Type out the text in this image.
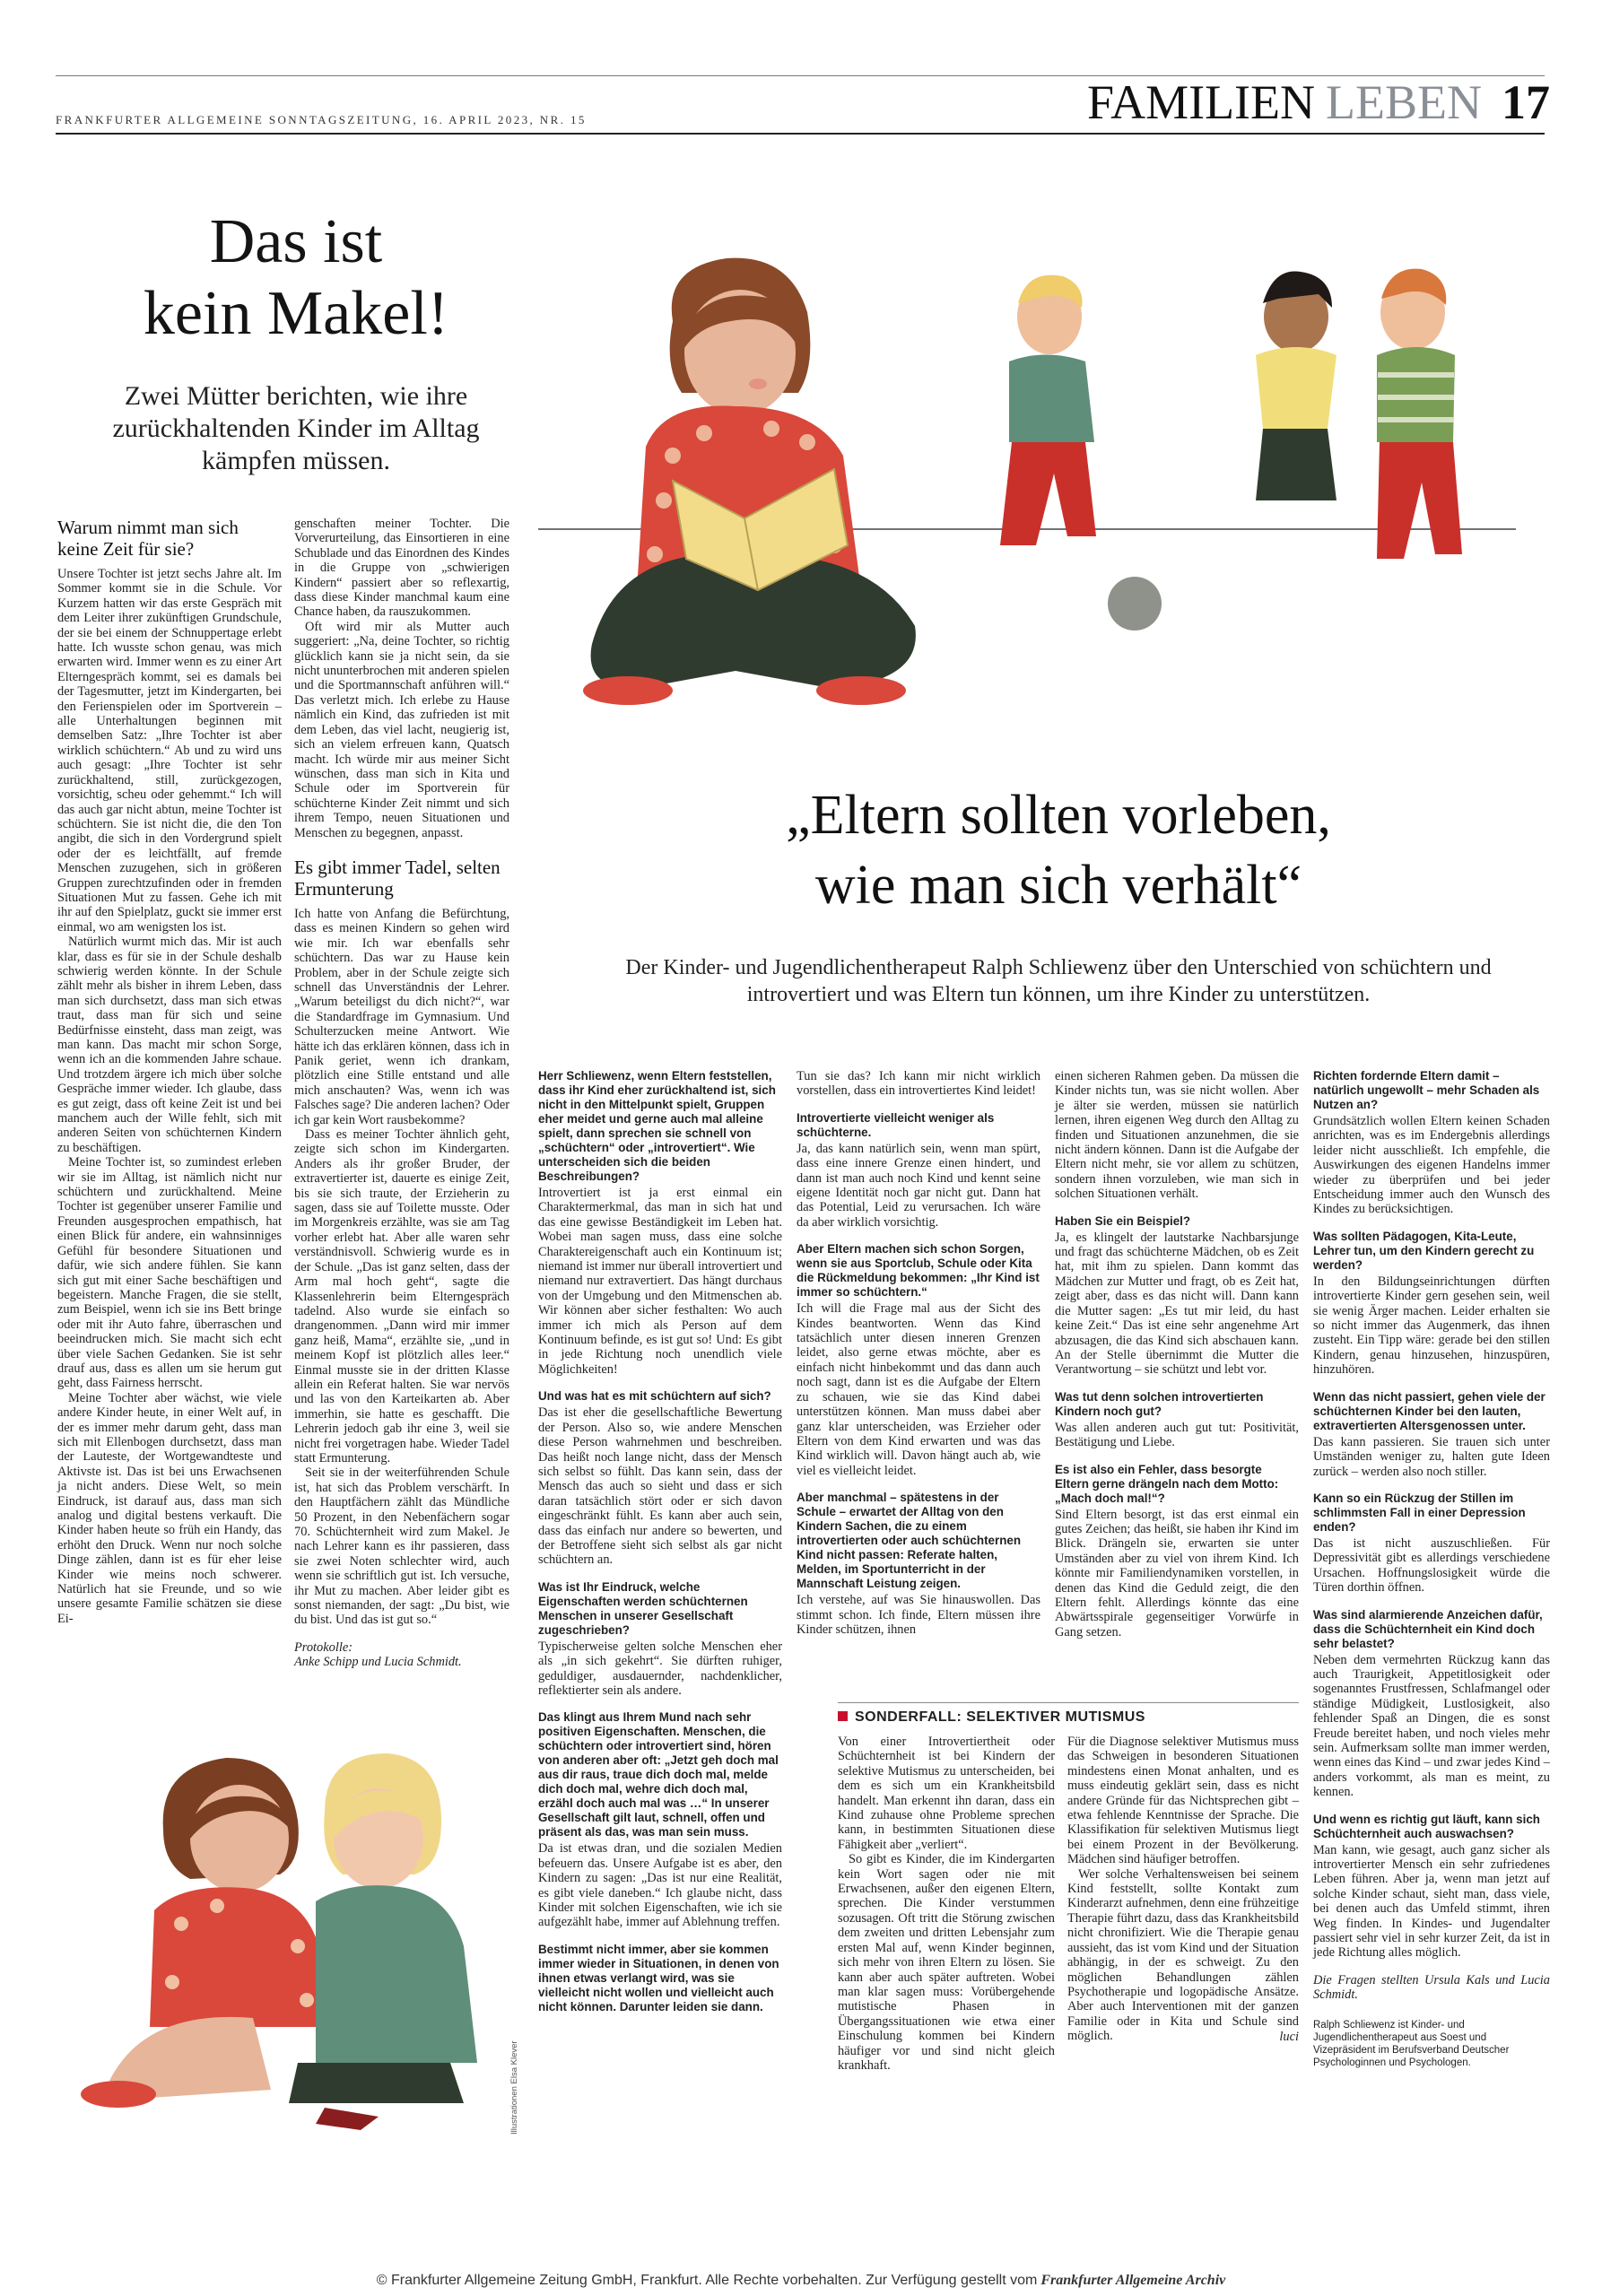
FRANKFURTER ALLGEMEINE SONNTAGSZEITUNG, 16. APRIL 2023, NR. 15	FAMILIEN LEBEN 17
Das ist
kein Makel!
Zwei Mütter berichten, wie ihre zurückhaltenden Kinder im Alltag kämpfen müssen.
Warum nimmt man sich keine Zeit für sie?

Unsere Tochter ist jetzt sechs Jahre alt. Im Sommer kommt sie in die Schule. Vor Kurzem hatten wir das erste Gespräch mit dem Leiter ihrer zukünftigen Grundschule, der sie bei einem der Schnuppertage erlebt hatte. Ich wusste schon genau, was mich erwarten wird. Immer wenn es zu einer Art Elterngespräch kommt, sei es damals bei der Tagesmutter, jetzt im Kindergarten, bei den Ferienspielen oder im Sportverein – alle Unterhaltungen beginnen mit demselben Satz: „Ihre Tochter ist aber wirklich schüchtern.“ Ab und zu wird uns auch gesagt: „Ihre Tochter ist sehr zurückhaltend, still, zurückgezogen, vorsichtig, scheu oder gehemmt.“ Ich will das auch gar nicht abtun, meine Tochter ist schüchtern. Sie ist nicht die, die den Ton angibt, die sich in den Vordergrund spielt oder der es leichtfällt, auf fremde Menschen zuzugehen, sich in größeren Gruppen zurechtzufinden oder in fremden Situationen Mut zu fassen. Gehe ich mit ihr auf den Spielplatz, guckt sie immer erst einmal, wo am wenigsten los ist.

Natürlich wurmt mich das. Mir ist auch klar, dass es für sie in der Schule deshalb schwierig werden könnte. In der Schule zählt mehr als bisher in ihrem Leben, dass man sich durchsetzt, dass man sich etwas traut, dass man für sich und seine Bedürfnisse einsteht, dass man zeigt, was man kann. Das macht mir schon Sorge, wenn ich an die kommenden Jahre schaue. Und trotzdem ärgere ich mich über solche Gespräche immer wieder. Ich glaube, dass es gut zeigt, dass oft keine Zeit ist und bei manchem auch der Wille fehlt, sich mit anderen Seiten von schüchternen Kindern zu beschäftigen.

Meine Tochter ist, so zumindest erleben wir sie im Alltag, ist nämlich nicht nur schüchtern und zurückhaltend. Meine Tochter ist gegenüber unserer Familie und Freunden ausgesprochen empathisch, hat einen Blick für andere, ein wahnsinniges Gefühl für besondere Situationen und dafür, wie sich andere fühlen. Sie kann sich gut mit einer Sache beschäftigen und begeistern. Manche Fragen, die sie stellt, zum Beispiel, wenn ich sie ins Bett bringe oder mit ihr Auto fahre, überraschen und beeindrucken mich. Sie macht sich echt über viele Sachen Gedanken. Sie ist sehr drauf aus, dass es allen um sie herum gut geht, dass Fairness herrscht.

Meine Tochter aber wächst, wie viele andere Kinder heute, in einer Welt auf, in der es immer mehr darum geht, dass man sich mit Ellenbogen durchsetzt, dass man der Lauteste, der Wortgewandteste und Aktivste ist. Das ist bei uns Erwachsenen ja nicht anders. Diese Welt, so mein Eindruck, ist darauf aus, dass man sich analog und digital bestens verkauft. Die Kinder haben heute so früh ein Handy, das erhöht den Druck. Wenn nur noch solche Dinge zählen, dann ist es für eher leise Kinder wie meins noch schwerer. Natürlich hat sie Freunde, und so wie unsere gesamte Familie schätzen sie diese Ei-

genschaften meiner Tochter. Die Vorverurteilung, das Einsortieren in eine Schublade und das Einordnen des Kindes in die Gruppe von „schwierigen Kindern“ passiert aber so reflexartig, dass diese Kinder manchmal kaum eine Chance haben, da rauszukommen.

Oft wird mir als Mutter auch suggeriert: „Na, deine Tochter, so richtig glücklich kann sie ja nicht sein, da sie nicht ununterbrochen mit anderen spielen und die Sportmannschaft anführen will.“ Das verletzt mich. Ich erlebe zu Hause nämlich ein Kind, das zufrieden ist mit dem Leben, das viel lacht, neugierig ist, sich an vielem erfreuen kann, Quatsch macht. Ich würde mir aus meiner Sicht wünschen, dass man sich in Kita und Schule oder im Sportverein für schüchterne Kinder Zeit nimmt und sich ihrem Tempo, neuen Situationen und Menschen zu begegnen, anpasst.

Es gibt immer Tadel, selten Ermunterung

Ich hatte von Anfang die Befürchtung, dass es meinen Kindern so gehen wird wie mir. Ich war ebenfalls sehr schüchtern. Das war zu Hause kein Problem, aber in der Schule zeigte sich schnell das Unverständnis der Lehrer. „Warum beteiligst du dich nicht?“, war die Standardfrage im Gymnasium. Und Schulterzucken meine Antwort. Wie hätte ich das erklären können, dass ich in Panik geriet, wenn ich drankam, plötzlich eine Stille entstand und alle mich anschauten? Was, wenn ich was Falsches sage? Die anderen lachen? Oder ich gar kein Wort rausbekomme?

Dass es meiner Tochter ähnlich geht, zeigte sich schon im Kindergarten. Anders als ihr großer Bruder, der extravertierter ist, dauerte es einige Zeit, bis sie sich traute, der Erzieherin zu sagen, dass sie auf Toilette musste. Oder im Morgenkreis erzählte, was sie am Tag vorher erlebt hat. Aber alle waren sehr verständnisvoll. Schwierig wurde es in der Schule. „Das ist ganz selten, dass der Arm mal hoch geht“, sagte die Klassenlehrerin beim Elterngespräch tadelnd. Also wurde sie einfach so drangenommen. „Dann wird mir immer ganz heiß, Mama“, erzählte sie, „und in meinem Kopf ist plötzlich alles leer.“ Einmal musste sie in der dritten Klasse allein ein Referat halten. Sie war nervös und las von den Karteikarten ab. Aber immerhin, sie hatte es geschafft. Die Lehrerin jedoch gab ihr eine 3, weil sie nicht frei vorgetragen habe. Wieder Tadel statt Ermunterung.

Seit sie in der weiterführenden Schule ist, hat sich das Problem verschärft. In den Hauptfächern zählt das Mündliche 50 Prozent, in den Nebenfächern sogar 70. Schüchternheit wird zum Makel. Je nach Lehrer kann es ihr passieren, dass sie zwei Noten schlechter wird, auch wenn sie schriftlich gut ist. Ich versuche, ihr Mut zu machen. Aber leider gibt es sonst niemanden, der sagt: „Du bist, wie du bist. Und das ist gut so.“

Protokolle:
Anke Schipp und Lucia Schmidt.
„Eltern sollten vorleben,
wie man sich verhält“
Der Kinder- und Jugendlichentherapeut Ralph Schliewenz über den Unterschied von schüchtern und introvertiert und was Eltern tun können, um ihre Kinder zu unterstützen.
Herr Schliewenz, wenn Eltern feststellen, dass ihr Kind eher zurückhaltend ist, sich nicht in den Mittelpunkt spielt, Gruppen eher meidet und gerne auch mal alleine spielt, dann sprechen sie schnell von „schüchtern“ oder „introvertiert“. Wie unterscheiden sich die beiden Beschreibungen?

Introvertiert ist ja erst einmal ein Charaktermerkmal, das man in sich hat und das eine gewisse Beständigkeit im Leben hat. Wobei man sagen muss, dass eine solche Charaktereigenschaft auch ein Kontinuum ist; niemand ist immer nur überall introvertiert und niemand nur extravertiert. Das hängt durchaus von der Umgebung und den Mitmenschen ab. Wir können aber sicher festhalten: Wo auch immer ich mich als Person auf dem Kontinuum befinde, es ist gut so! Und: Es gibt in jede Richtung noch unendlich viele Möglichkeiten!

Und was hat es mit schüchtern auf sich?

Das ist eher die gesellschaftliche Bewertung der Person. Also so, wie andere Menschen diese Person wahrnehmen und beschreiben. Das heißt noch lange nicht, dass der Mensch sich selbst so fühlt. Das kann sein, dass der Mensch das auch so sieht und dass er sich daran tatsächlich stört oder er sich davon eingeschränkt fühlt. Es kann aber auch sein, dass das einfach nur andere so bewerten, und der Betroffene sieht sich selbst als gar nicht schüchtern an.

Was ist Ihr Eindruck, welche Eigenschaften werden schüchternen Menschen in unserer Gesellschaft zugeschrieben?

Typischerweise gelten solche Menschen eher als „in sich gekehrt“. Sie dürften ruhiger, geduldiger, ausdauernder, nachdenklicher, reflektierter sein als andere.

Das klingt aus Ihrem Mund nach sehr positiven Eigenschaften. Menschen, die schüchtern oder introvertiert sind, hören von anderen aber oft: „Jetzt geh doch mal aus dir raus, traue dich doch mal, melde dich doch mal, wehre dich doch mal, erzähl doch auch mal was …“ In unserer Gesellschaft gilt laut, schnell, offen und präsent als das, was man sein muss.

Da ist etwas dran, und die sozialen Medien befeuern das. Unsere Aufgabe ist es aber, den Kindern zu sagen: „Das ist nur eine Realität, es gibt viele daneben.“ Ich glaube nicht, dass Kinder mit solchen Eigenschaften, wie ich sie aufgezählt habe, immer auf Ablehnung treffen.

Bestimmt nicht immer, aber sie kommen immer wieder in Situationen, in denen von ihnen etwas verlangt wird, was sie vielleicht nicht wollen und vielleicht auch nicht können. Darunter leiden sie dann.

Tun sie das? Ich kann mir nicht wirklich vorstellen, dass ein introvertiertes Kind leidet!

Introvertierte vielleicht weniger als schüchterne.

Ja, das kann natürlich sein, wenn man spürt, dass eine innere Grenze einen hindert, und dann ist man auch noch Kind und kennt seine eigene Identität noch gar nicht gut. Dann hat das Potential, Leid zu verursachen. Ich wäre da aber wirklich vorsichtig.

Aber Eltern machen sich schon Sorgen, wenn sie aus Sportclub, Schule oder Kita die Rückmeldung bekommen: „Ihr Kind ist immer so schüchtern.“

Ich will die Frage mal aus der Sicht des Kindes beantworten. Wenn das Kind tatsächlich unter diesen inneren Grenzen leidet, also gerne etwas möchte, aber es einfach nicht hinbekommt und das dann auch noch sagt, dann ist es die Aufgabe der Eltern zu schauen, wie sie das Kind dabei unterstützen können. Man muss dabei aber ganz klar unterscheiden, was Erzieher oder Eltern von dem Kind erwarten und was das Kind wirklich will. Davon hängt auch ab, wie viel es vielleicht leidet.

Aber manchmal – spätestens in der Schule – erwartet der Alltag von den Kindern Sachen, die zu einem introvertierten oder auch schüchternen Kind nicht passen: Referate halten, Melden, im Sportunterricht in der Mannschaft Leistung zeigen.

Ich verstehe, auf was Sie hinauswollen. Das stimmt schon. Ich finde, Eltern müssen ihre Kinder schützen, ihnen

einen sicheren Rahmen geben. Da müssen die Kinder nichts tun, was sie nicht wollen. Aber je älter sie werden, müssen sie natürlich lernen, ihren eigenen Weg durch den Alltag zu finden und Situationen anzunehmen, die sie nicht ändern können. Dann ist die Aufgabe der Eltern nicht mehr, sie vor allem zu schützen, sondern ihnen vorzuleben, wie man sich in solchen Situationen verhält.

Haben Sie ein Beispiel?

Ja, es klingelt der lautstarke Nachbarsjunge und fragt das schüchterne Mädchen, ob es Zeit hat, mit ihm zu spielen. Dann kommt das Mädchen zur Mutter und fragt, ob es Zeit hat, zeigt aber, dass es das nicht will. Dann kann die Mutter sagen: „Es tut mir leid, du hast keine Zeit.“ Das ist eine sehr angenehme Art abzusagen, die das Kind sich abschauen kann. An der Stelle übernimmt die Mutter die Verantwortung – sie schützt und lebt vor.

Was tut denn solchen introvertierten Kindern noch gut?

Was allen anderen auch gut tut: Positivität, Bestätigung und Liebe.

Es ist also ein Fehler, dass besorgte Eltern gerne drängeln nach dem Motto: „Mach doch mal!“?

Sind Eltern besorgt, ist das erst einmal ein gutes Zeichen; das heißt, sie haben ihr Kind im Blick. Drängeln sie, erwarten sie unter Umständen aber zu viel von ihrem Kind. Ich könnte mir Familiendynamiken vorstellen, in denen das Kind die Geduld zeigt, die den Eltern fehlt. Allerdings könnte das eine Abwärtsspirale gegenseitiger Vorwürfe in Gang setzen.

Richten fordernde Eltern damit – natürlich ungewollt – mehr Schaden als Nutzen an?

Grundsätzlich wollen Eltern keinen Schaden anrichten, was es im Endergebnis allerdings leider nicht ausschließt. Ich empfehle, die Auswirkungen des eigenen Handelns immer wieder zu überprüfen und bei jeder Entscheidung immer auch den Wunsch des Kindes zu berücksichtigen.

Was sollten Pädagogen, Kita-Leute, Lehrer tun, um den Kindern gerecht zu werden?

In den Bildungseinrichtungen dürften introvertierte Kinder gern gesehen sein, weil sie wenig Ärger machen. Leider erhalten sie so nicht immer das Augenmerk, das ihnen zusteht. Ein Tipp wäre: gerade bei den stillen Kindern, genau hinzusehen, hinzuspüren, hinzuhören.

Wenn das nicht passiert, gehen viele der schüchternen Kinder bei den lauten, extravertierten Altersgenossen unter.

Das kann passieren. Sie trauen sich unter Umständen weniger zu, halten gute Ideen zurück – werden also noch stiller.

Kann so ein Rückzug der Stillen im schlimmsten Fall in einer Depression enden?

Das ist nicht auszuschließen. Für Depressivität gibt es allerdings verschiedene Ursachen. Hoffnungslosigkeit würde die Türen dorthin öffnen.

Was sind alarmierende Anzeichen dafür, dass die Schüchternheit ein Kind doch sehr belastet?

Neben dem vermehrten Rückzug kann das auch Traurigkeit, Appetitlosigkeit oder sogenanntes Frustfressen, Schlafmangel oder ständige Müdigkeit, Lustlosigkeit, also fehlender Spaß an Dingen, die es sonst Freude bereitet haben, und noch vieles mehr sein. Aufmerksam sollte man immer werden, wenn eines das Kind – und zwar jedes Kind – anders vorkommt, als man es meint, zu kennen.

Und wenn es richtig gut läuft, kann sich Schüchternheit auch auswachsen?

Man kann, wie gesagt, auch ganz sicher als introvertierter Mensch ein sehr zufriedenes Leben führen. Aber ja, wenn man jetzt auf solche Kinder schaut, sieht man, dass viele, bei denen auch das Umfeld stimmt, ihren Weg finden. In Kindes- und Jugendalter passiert sehr viel in sehr kurzer Zeit, da ist in jede Richtung alles möglich.

Die Fragen stellten Ursula Kals und Lucia Schmidt.
Ralph Schliewenz ist Kinder- und Jugendlichentherapeut aus Soest und Vizepräsident im Berufsverband Deutscher Psychologinnen und Psychologen.
SONDERFALL: SELEKTIVER MUTISMUS

Von einer Introvertiertheit oder Schüchternheit ist bei Kindern der selektive Mutismus zu unterscheiden, bei dem es sich um ein Krankheitsbild handelt. Man erkennt ihn daran, dass ein Kind zuhause ohne Probleme sprechen kann, in bestimmten Situationen diese Fähigkeit aber „verliert“.

So gibt es Kinder, die im Kindergarten kein Wort sagen oder nie mit Erwachsenen, außer den eigenen Eltern, sprechen. Die Kinder verstummen sozusagen. Oft tritt die Störung zwischen dem zweiten und dritten Lebensjahr zum ersten Mal auf, wenn Kinder beginnen, sich mehr von ihren Eltern zu lösen. Sie kann aber auch später auftreten. Wobei man klar sagen muss: Vorübergehende mutistische Phasen in Übergangssituationen wie etwa einer Einschulung kommen bei Kindern häufiger vor und sind nicht gleich krankhaft.

Für die Diagnose selektiver Mutismus muss das Schweigen in besonderen Situationen mindestens einen Monat anhalten, und es muss eindeutig geklärt sein, dass es nicht andere Gründe für das Nichtsprechen gibt – etwa fehlende Kenntnisse der Sprache. Die Klassifikation für selektiven Mutismus liegt bei einem Prozent in der Bevölkerung. Mädchen sind häufiger betroffen.

Wer solche Verhaltensweisen bei seinem Kind feststellt, sollte Kontakt zum Kinderarzt aufnehmen, denn eine frühzeitige Therapie führt dazu, dass das Krankheitsbild nicht chronifiziert. Wie die Therapie genau aussieht, das ist vom Kind und der Situation abhängig, in der es schweigt. Zu den möglichen Behandlungen zählen Psychotherapie und logopädische Ansätze. Aber auch Interventionen mit der ganzen Familie oder in Kita und Schule sind möglich.	luci
Illustrationen Elsa Klever
© Frankfurter Allgemeine Zeitung GmbH, Frankfurt. Alle Rechte vorbehalten. Zur Verfügung gestellt vom Frankfurter Allgemeine Archiv
